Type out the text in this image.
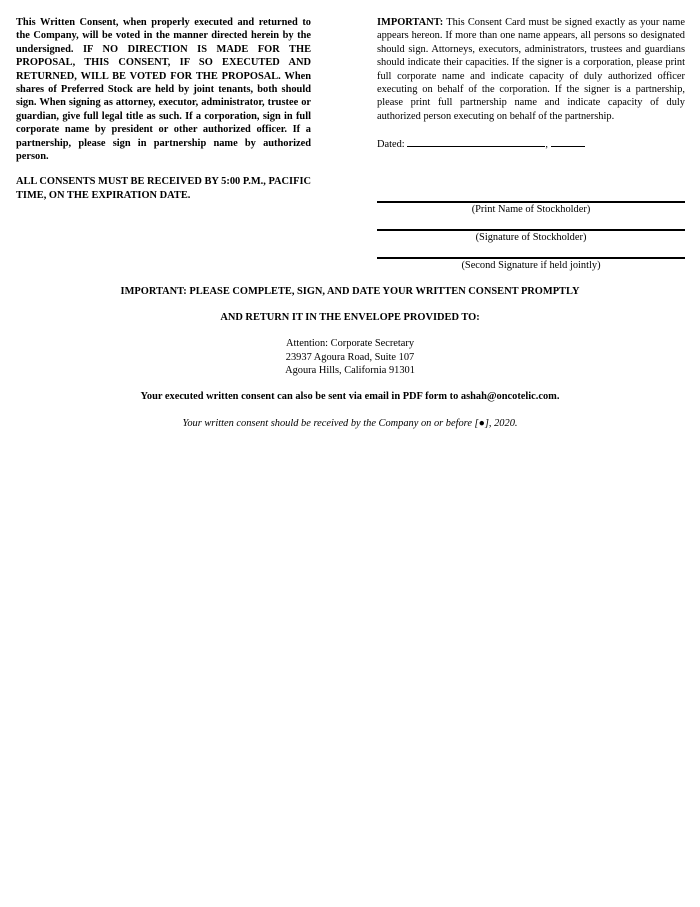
This Written Consent, when properly executed and returned to the Company, will be voted in the manner directed herein by the undersigned. IF NO DIRECTION IS MADE FOR THE PROPOSAL, THIS CONSENT, IF SO EXECUTED AND RETURNED, WILL BE VOTED FOR THE PROPOSAL. When shares of Preferred Stock are held by joint tenants, both should sign. When signing as attorney, executor, administrator, trustee or guardian, give full legal title as such. If a corporation, sign in full corporate name by president or other authorized officer. If a partnership, please sign in partnership name by authorized person.

ALL CONSENTS MUST BE RECEIVED BY 5:00 P.M., PACIFIC TIME, ON THE EXPIRATION DATE.

IMPORTANT: This Consent Card must be signed exactly as your name appears hereon. If more than one name appears, all persons so designated should sign. Attorneys, executors, administrators, trustees and guardians should indicate their capacities. If the signer is a corporation, please print full corporate name and indicate capacity of duly authorized officer executing on behalf of the corporation. If the signer is a partnership, please print full partnership name and indicate capacity of duly authorized person executing on behalf of the partnership.

Dated:	,
(Print Name of Stockholder)
(Signature of Stockholder)
(Second Signature if held jointly)
IMPORTANT: PLEASE COMPLETE, SIGN, AND DATE YOUR WRITTEN CONSENT PROMPTLY
AND RETURN IT IN THE ENVELOPE PROVIDED TO:
Attention: Corporate Secretary
23937 Agoura Road, Suite 107
Agoura Hills, California 91301
Your executed written consent can also be sent via email in PDF form to ashah@oncotelic.com.
Your written consent should be received by the Company on or before [●], 2020.
